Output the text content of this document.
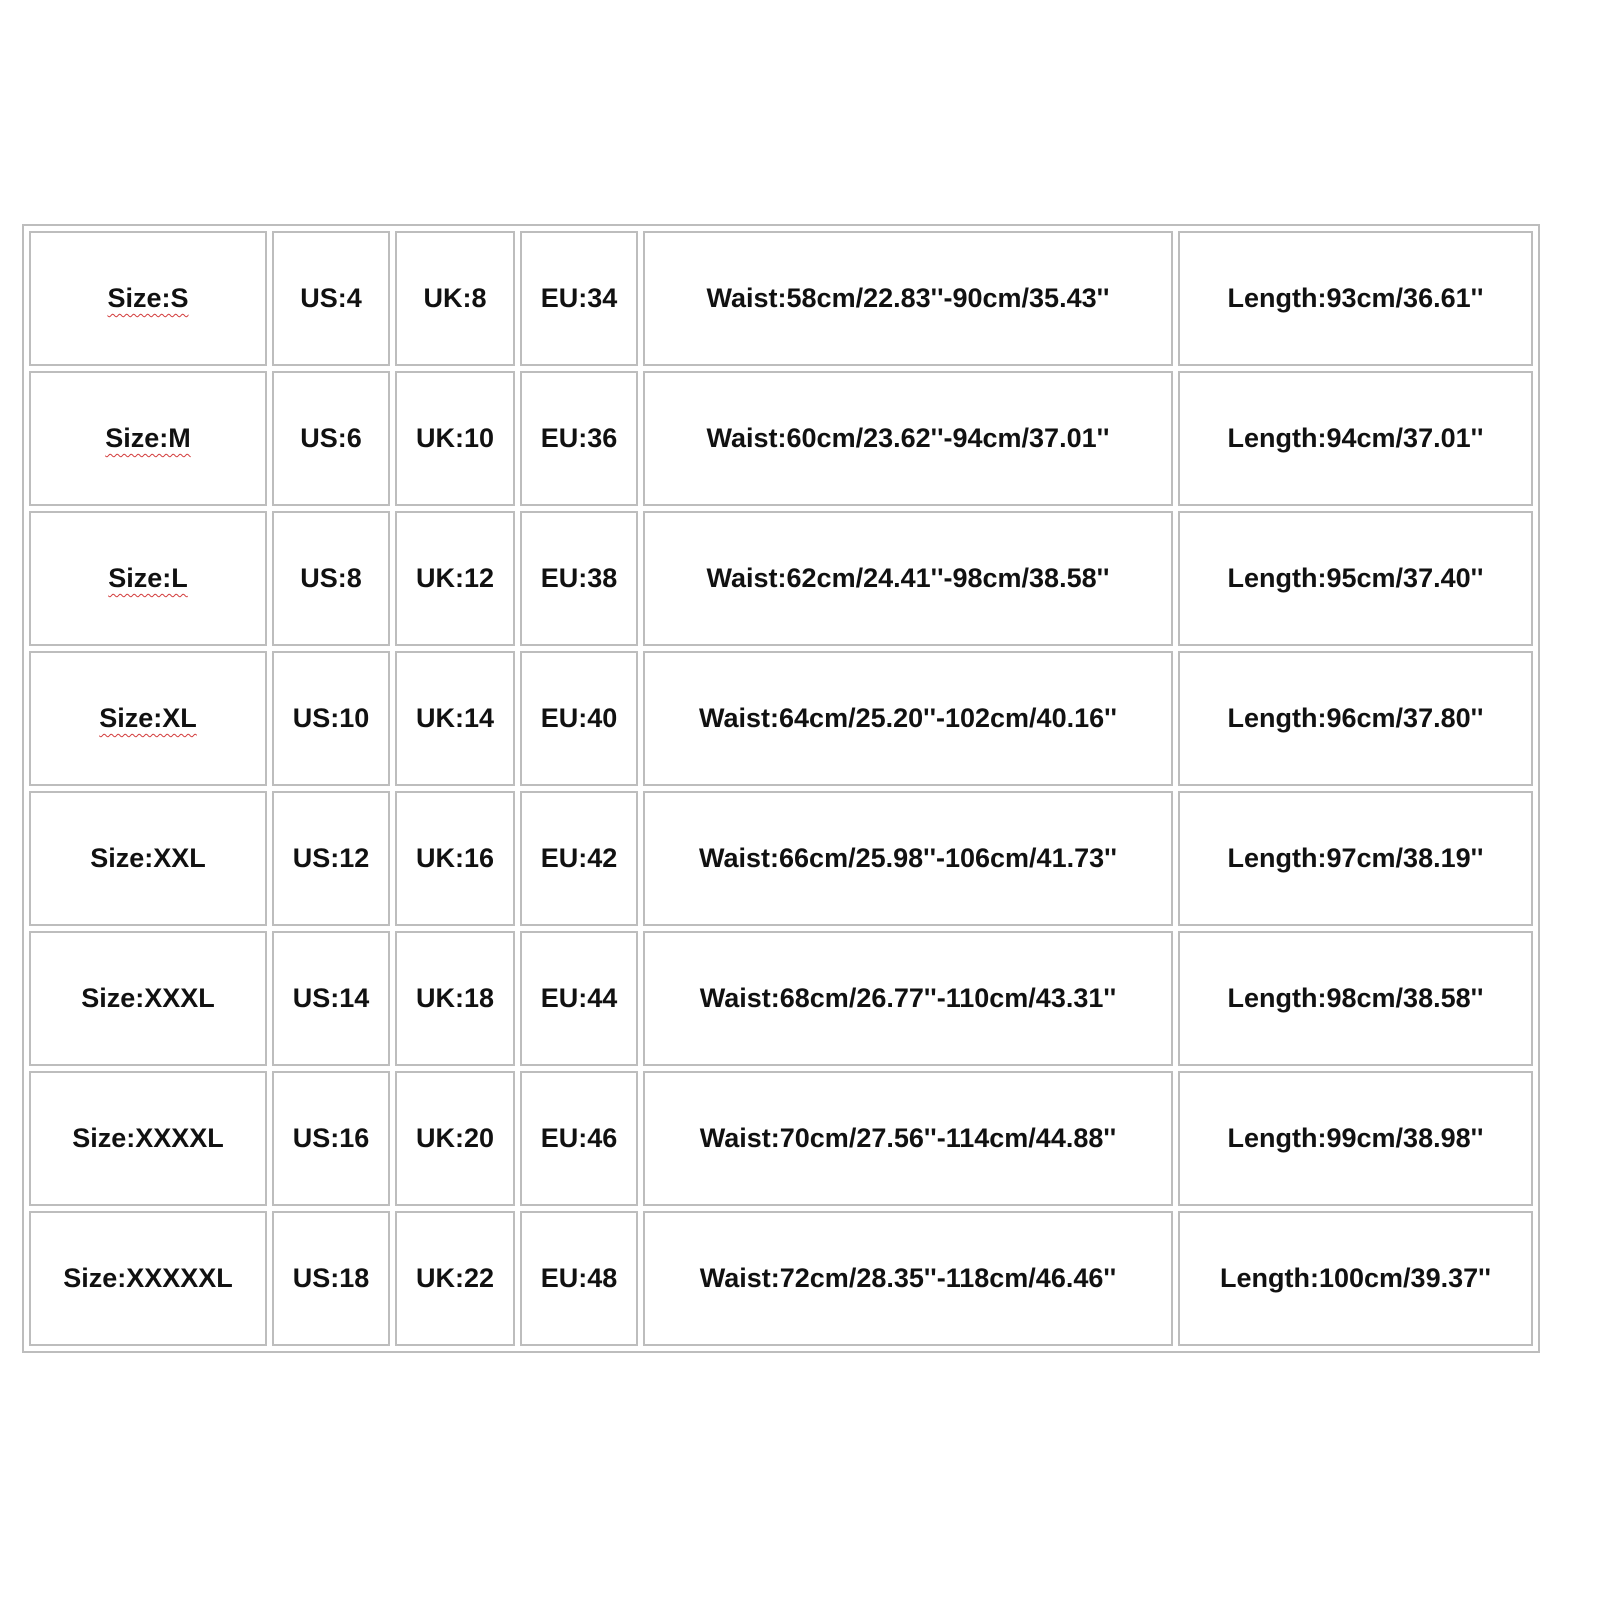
Size:S	US:4	UK:8	EU:34	Waist:58cm/22.83''-90cm/35.43''	Length:93cm/36.61''
Size:M	US:6	UK:10	EU:36	Waist:60cm/23.62''-94cm/37.01''	Length:94cm/37.01''
Size:L	US:8	UK:12	EU:38	Waist:62cm/24.41''-98cm/38.58''	Length:95cm/37.40''
Size:XL	US:10	UK:14	EU:40	Waist:64cm/25.20''-102cm/40.16''	Length:96cm/37.80''
Size:XXL	US:12	UK:16	EU:42	Waist:66cm/25.98''-106cm/41.73''	Length:97cm/38.19''
Size:XXXL	US:14	UK:18	EU:44	Waist:68cm/26.77''-110cm/43.31''	Length:98cm/38.58''
Size:XXXXL	US:16	UK:20	EU:46	Waist:70cm/27.56''-114cm/44.88''	Length:99cm/38.98''
Size:XXXXXL	US:18	UK:22	EU:48	Waist:72cm/28.35''-118cm/46.46''	Length:100cm/39.37''
